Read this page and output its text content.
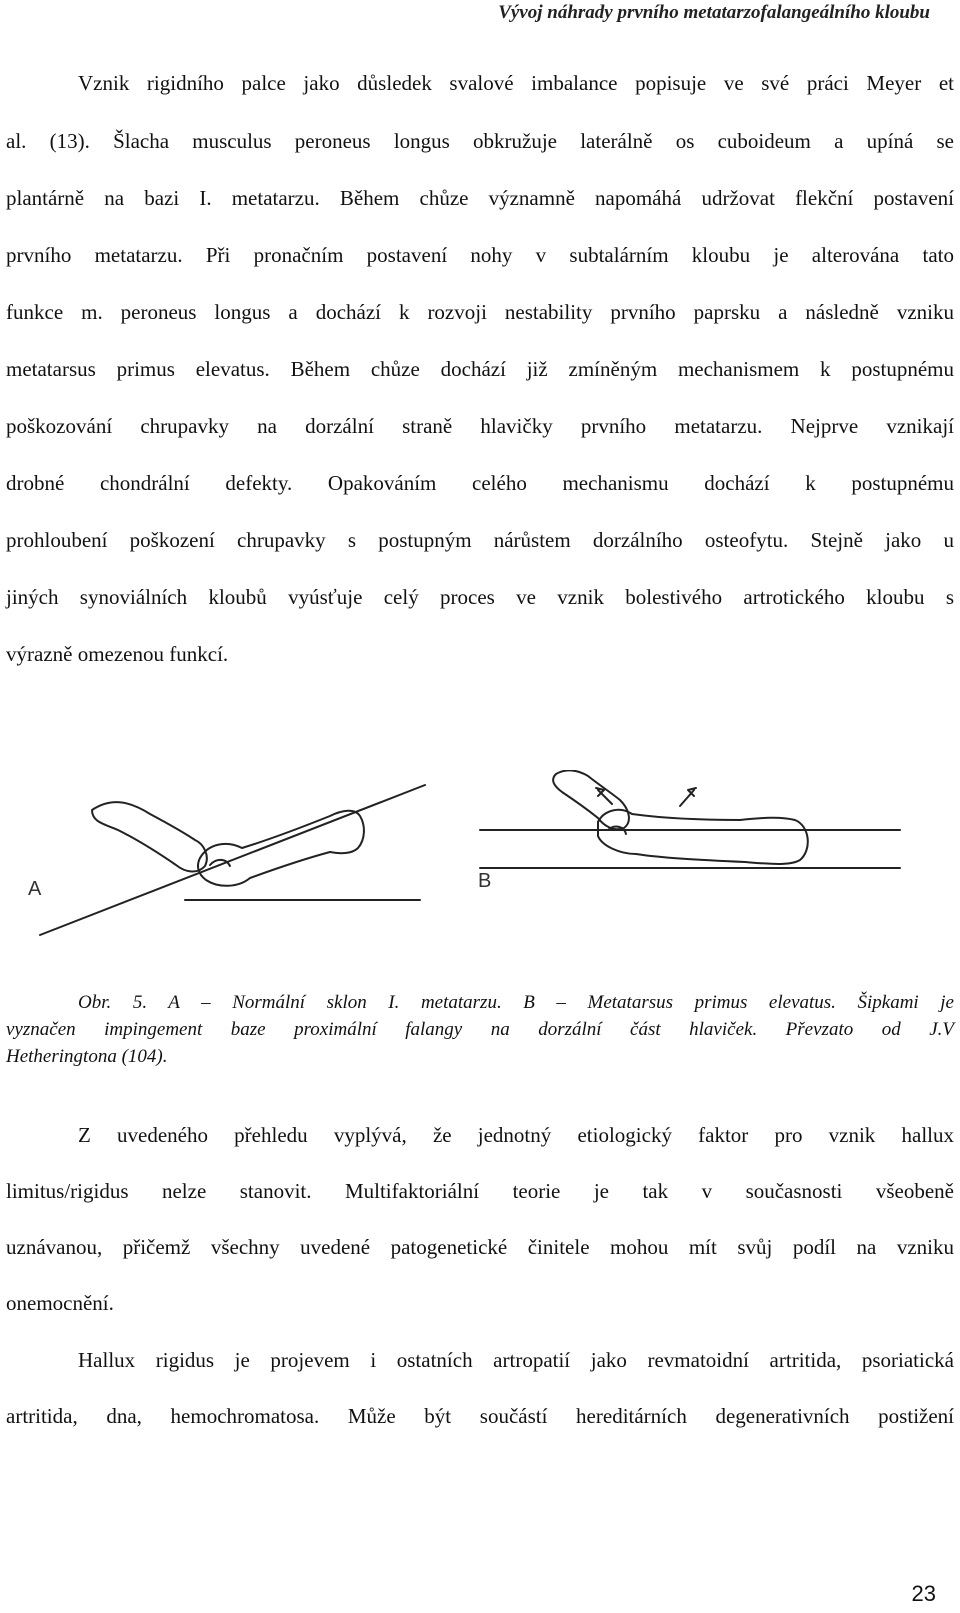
Vývoj náhrady prvního metatarzofalangeálního kloubu
Vznik rigidního palce jako důsledek svalové imbalance popisuje ve své práci Meyer et
al. (13). Šlacha musculus peroneus longus obkružuje laterálně os cuboideum a upíná se
plantárně na bazi I. metatarzu. Během chůze významně napomáhá udržovat flekční postavení
prvního metatarzu. Při pronačním postavení nohy v subtalárním kloubu je alterována tato
funkce m. peroneus longus a dochází k rozvoji nestability prvního paprsku a následně vzniku
metatarsus primus elevatus. Během chůze dochází již zmíněným mechanismem k postupnému
poškozování chrupavky na dorzální straně hlavičky prvního metatarzu. Nejprve vznikají
drobné chondrální defekty. Opakováním celého mechanismu dochází k postupnému
prohloubení poškození chrupavky s postupným nárůstem dorzálního osteofytu. Stejně jako u
jiných synoviálních kloubů vyúsťuje celý proces ve vznik bolestivého artrotického kloubu s
výrazně omezenou funkcí.
A	B
Obr. 5. A – Normální sklon I. metatarzu. B – Metatarsus primus elevatus. Šipkami je
vyznačen impingement baze proximální falangy na dorzální část hlaviček. Převzato od J.V
Hetheringtona (104).
Z uvedeného přehledu vyplývá, že jednotný etiologický faktor pro vznik hallux
limitus/rigidus nelze stanovit. Multifaktoriální teorie je tak v současnosti všeobeně
uznávanou, přičemž všechny uvedené patogenetické činitele mohou mít svůj podíl na vzniku
onemocnění.
Hallux rigidus je projevem i ostatních artropatií jako revmatoidní artritida, psoriatická
artritida, dna, hemochromatosa. Může být součástí hereditárních degenerativních postižení
23
